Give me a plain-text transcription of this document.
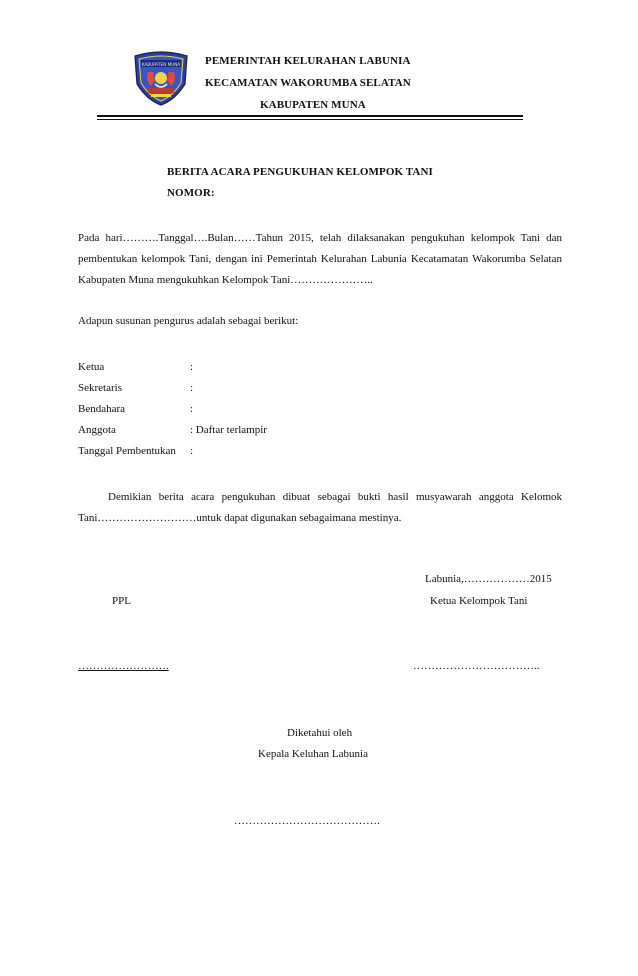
KABUPATEN MUNA PEMERINTAH KELURAHAN LABUNIA
KECAMATAN WAKORUMBA SELATAN
KABUPATEN MUNA
BERITA ACARA PENGUKUHAN KELOMPOK TANI
NOMOR:
Pada hari……….Tanggal….Bulan……Tahun 2015, telah dilaksanakan pengukuhan kelompok Tani dan pembentukan kelompok Tani, dengan ini Pemerintah Kelurahan Labunia Kecatamatan Wakorumba Selatan Kabupaten Muna mengukuhkan Kelompok Tani…………………..
Adapun susunan pengurus adalah sebagai berikut:
Ketua	:
Sekretaris	:
Bendahara	:
Anggota	: Daftar terlampir
Tanggal Pembentukan :
Demikian berita acara pengukuhan dibuat sebagai bukti hasil musyawarah anggota Kelomok Tani………………………untuk dapat digunakan sebagaimana mestinya.
Labunia,………………2015
PPL	Ketua Kelompok Tani
…………………….	……………………………..
Diketahui oleh
Kepala Keluhan Labunia
………………………………….
